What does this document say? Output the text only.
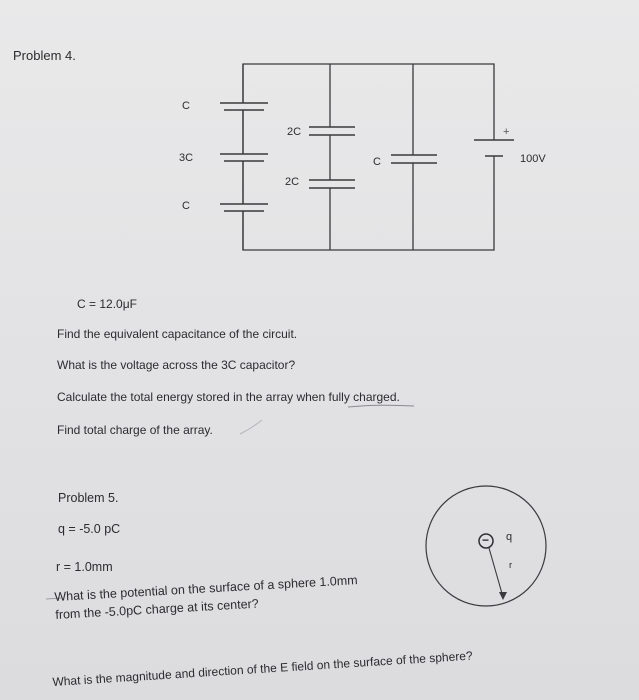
Problem 4.
C
3C
C
2C
2C
C
+
100V
C = 12.0μF
Find the equivalent capacitance of the circuit.
What is the voltage across the 3C capacitor?
Calculate the total energy stored in the array when fully charged.
Find total charge of the array.
Problem 5.
q = -5.0 pC
r = 1.0mm
− q
r
What is the potential on the surface of a sphere 1.0mm
from the -5.0pC charge at its center?
What is the magnitude and direction of the E field on the surface of the sphere?
